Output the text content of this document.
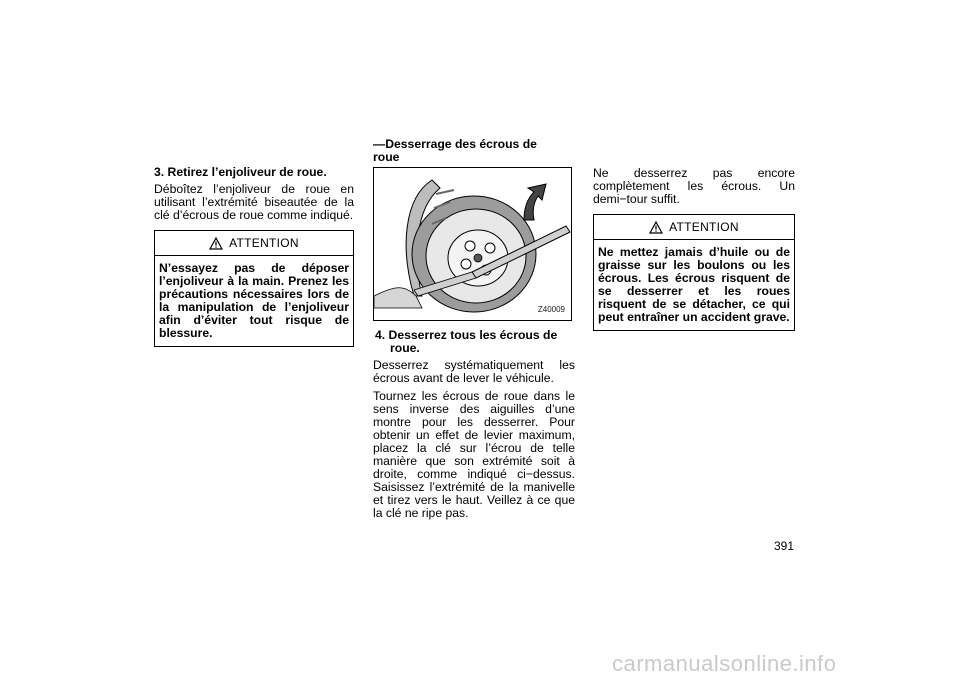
3. Retirez l’enjoliveur de roue.
Déboîtez l’enjoliveur de roue en utilisant l’extrémité biseautée de la clé d’écrous de roue comme indiqué.
ATTENTION
N’essayez pas de déposer l’enjoliveur à la main. Prenez les précautions nécessaires lors de la manipulation de l’enjoliveur afin d’éviter tout risque de blessure.
—Desserrage des écrous de roue
Z40009
4. Desserrez tous les écrous de roue.
Desserrez systématiquement les écrous avant de lever le véhicule.
Tournez les écrous de roue dans le sens inverse des aiguilles d’une montre pour les desserrer. Pour obtenir un effet de levier maximum, placez la clé sur l’écrou de telle manière que son extrémité soit à droite, comme indiqué ci−dessus. Saisissez l’extrémité de la manivelle et tirez vers le haut. Veillez à ce que la clé ne ripe pas.
Ne desserrez pas encore complètement les écrous. Un demi−tour suffit.
ATTENTION
Ne mettez jamais d’huile ou de graisse sur les boulons ou les écrous. Les écrous risquent de se desserrer et les roues risquent de se détacher, ce qui peut entraîner un accident grave.
391
carmanualsonline.info
